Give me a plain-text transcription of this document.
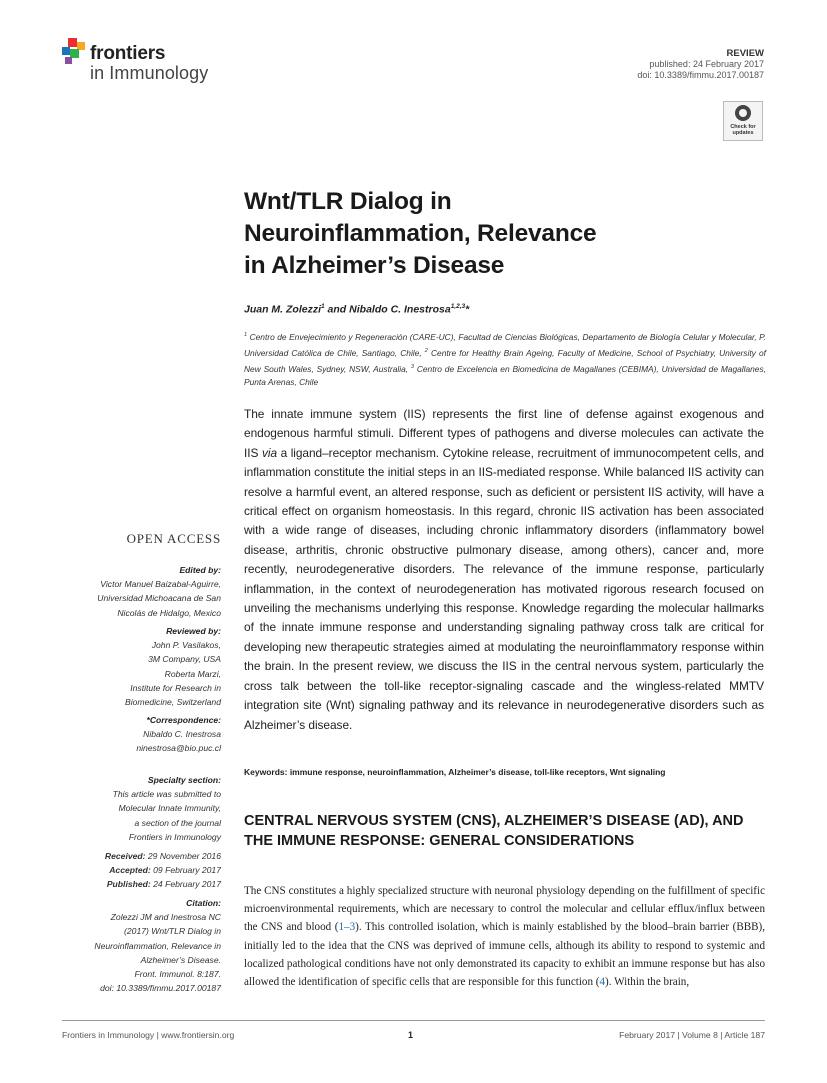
frontiers
in Immunology
REVIEW
published: 24 February 2017
doi: 10.3389/fimmu.2017.00187
Check for
updates
Wnt/TLR Dialog in
Neuroinflammation, Relevance
in Alzheimer’s Disease
Juan M. Zolezzi$^1$ and Nibaldo C. Inestrosa$^{1,2,3}$*
$^1$ Centro de Envejecimiento y Regeneración (CARE-UC), Facultad de Ciencias Biológicas, Departamento de Biología Celular y Molecular, P. Universidad Católica de Chile, Santiago, Chile, $^2$ Centre for Healthy Brain Ageing, Faculty of Medicine, School of Psychiatry, University of New South Wales, Sydney, NSW, Australia, $^3$ Centro de Excelencia en Biomedicina de Magallanes (CEBIMA), Universidad de Magallanes, Punta Arenas, Chile
The innate immune system (IIS) represents the first line of defense against exogenous and endogenous harmful stimuli. Different types of pathogens and diverse molecules can activate the IIS via a ligand–receptor mechanism. Cytokine release, recruitment of immunocompetent cells, and inflammation constitute the initial steps in an IIS-mediated response. While balanced IIS activity can resolve a harmful event, an altered response, such as deficient or persistent IIS activity, will have a critical effect on organism homeostasis. In this regard, chronic IIS activation has been associated with a wide range of diseases, including chronic inflammatory disorders (inflammatory bowel disease, arthritis, chronic obstructive pulmonary disease, among others), cancer and, more recently, neurodegenerative disorders. The relevance of the immune response, particularly inflammation, in the context of neurodegeneration has motivated rigorous research focused on unveiling the mechanisms underlying this response. Knowledge regarding the molecular hallmarks of the innate immune response and understanding signaling pathway cross talk are critical for developing new therapeutic strategies aimed at modulating the neuroinflammatory response within the brain. In the present review, we discuss the IIS in the central nervous system, particularly the cross talk between the toll-like receptor-signaling cascade and the wingless-related MMTV integration site (Wnt) signaling pathway and its relevance in neurodegenerative disorders such as Alzheimer’s disease.
Keywords: immune response, neuroinflammation, Alzheimer’s disease, toll-like receptors, Wnt signaling
CENTRAL NERVOUS SYSTEM (CNS), ALZHEIMER’S DISEASE (AD), AND THE IMMUNE RESPONSE: GENERAL CONSIDERATIONS
The CNS constitutes a highly specialized structure with neuronal physiology depending on the fulfillment of specific microenvironmental requirements, which are necessary to control the molecular and cellular efflux/influx between the CNS and blood (1–3). This controlled isolation, which is mainly established by the blood–brain barrier (BBB), initially led to the idea that the CNS was deprived of immune cells, although its ability to respond to systemic and localized pathological conditions have not only demonstrated its capacity to exhibit an immune response but has also allowed the identification of specific cells that are responsible for this function (4). Within the brain,
OPEN ACCESS
Edited by:
Victor Manuel Baizabal-Aguirre,
Universidad Michoacana de San
Nicolás de Hidalgo, Mexico
Reviewed by:
John P. Vasilakos,
3M Company, USA
Roberta Marzi,
Institute for Research in
Biomedicine, Switzerland
*Correspondence:
Nibaldo C. Inestrosa
ninestrosa@bio.puc.cl
Specialty section:
This article was submitted to
Molecular Innate Immunity,
a section of the journal
Frontiers in Immunology
Received: 29 November 2016
Accepted: 09 February 2017
Published: 24 February 2017
Citation:
Zolezzi JM and Inestrosa NC
(2017) Wnt/TLR Dialog in
Neuroinflammation, Relevance in
Alzheimer’s Disease.
Front. Immunol. 8:187.
doi: 10.3389/fimmu.2017.00187
Frontiers in Immunology | www.frontiersin.org	1	February 2017 | Volume 8 | Article 187
